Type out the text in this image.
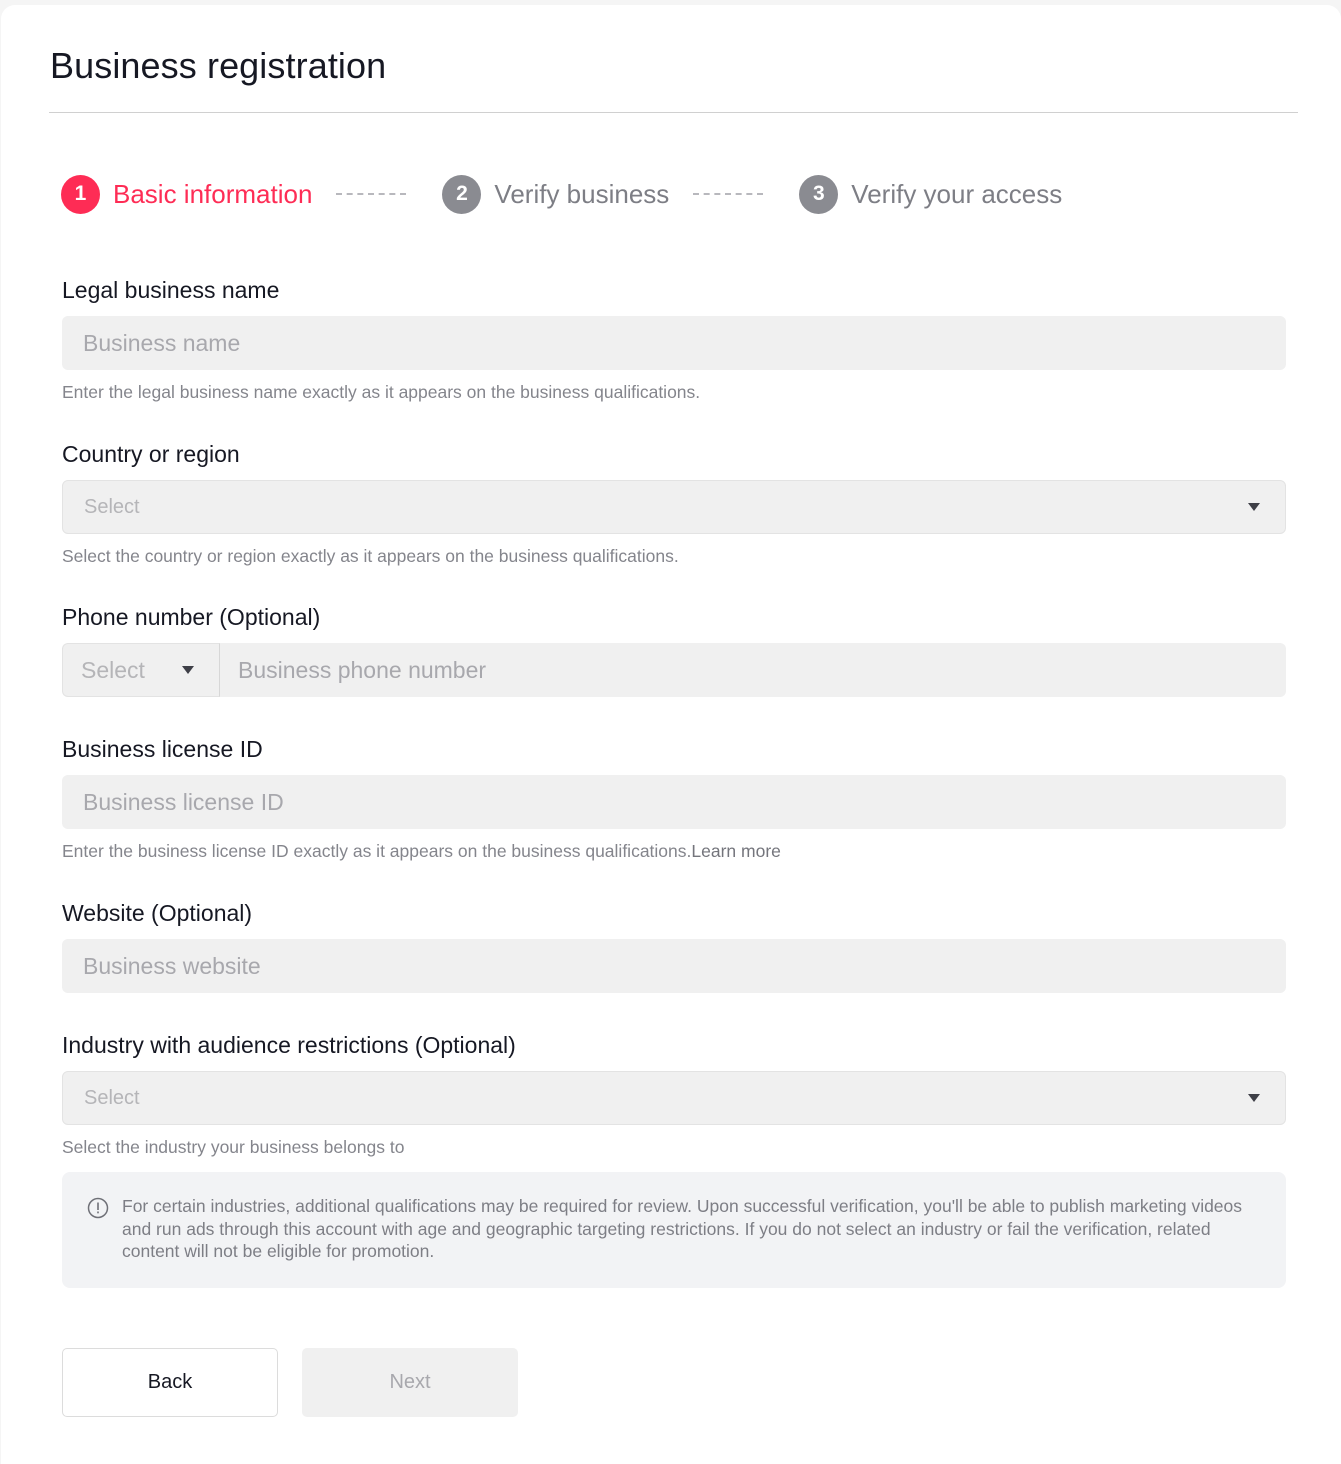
Business registration
1	Basic information	2	Verify business	3	Verify your access
Legal business name
Business name
Enter the legal business name exactly as it appears on the business qualifications.
Country or region
Select
Select the country or region exactly as it appears on the business qualifications.
Phone number (Optional)
Select	Business phone number
Business license ID
Business license ID
Enter the business license ID exactly as it appears on the business qualifications.Learn more
Website (Optional)
Business website
Industry with audience restrictions (Optional)
Select
Select the industry your business belongs to
For certain industries, additional qualifications may be required for review. Upon successful verification, you'll be able to publish marketing videos and run ads through this account with age and geographic targeting restrictions. If you do not select an industry or fail the verification, related content will not be eligible for promotion.
Back	Next
